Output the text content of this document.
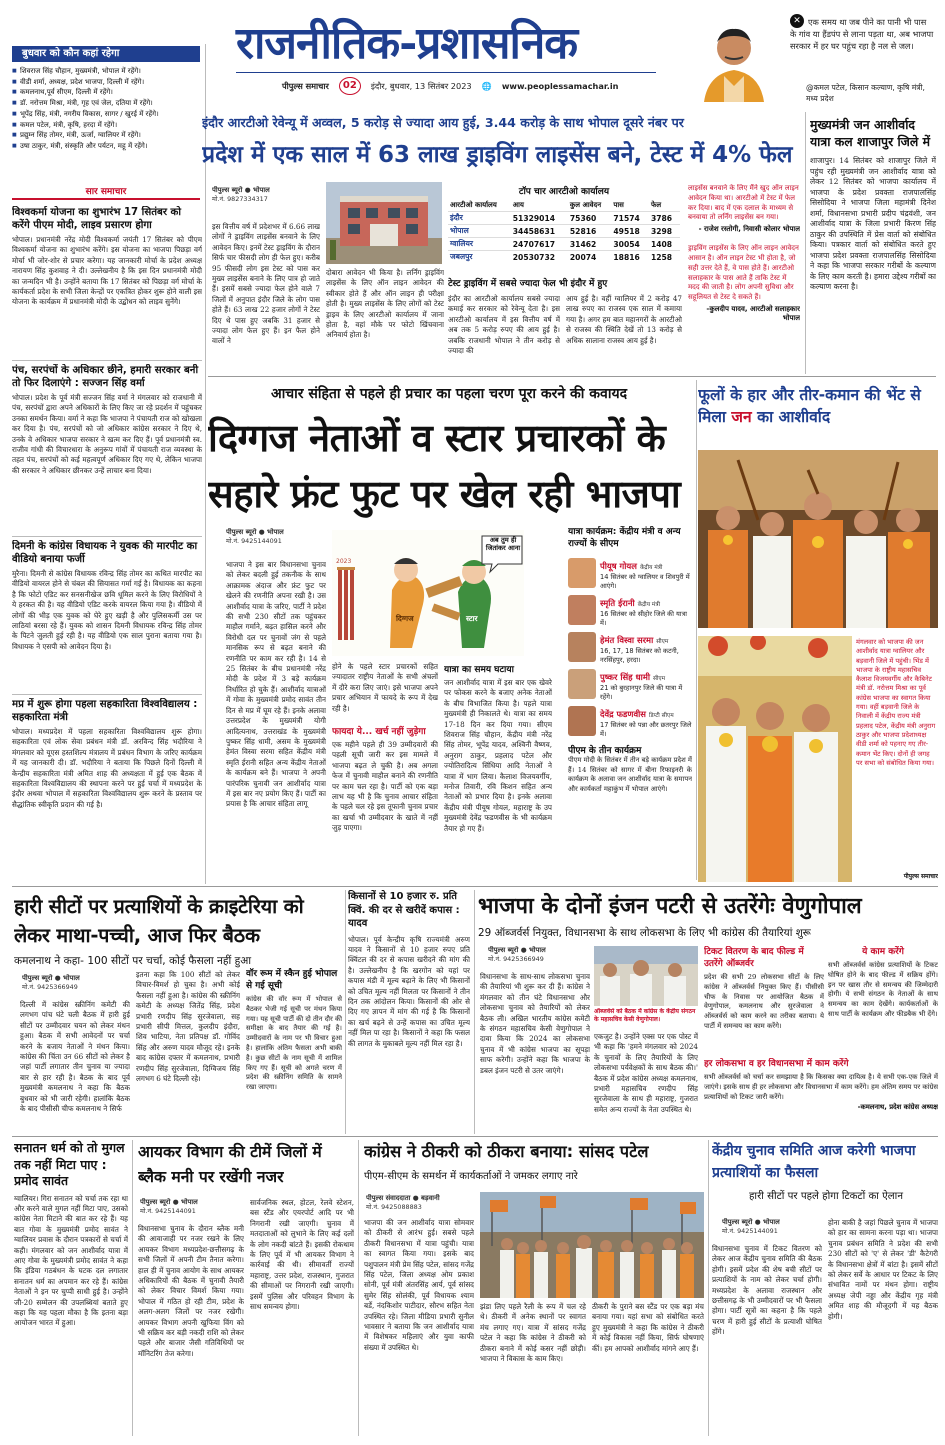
राजनीतिक-प्रशासनिक
पीपुल्स समाचार	02	इंदौर, बुधवार, 13 सितंबर 2023 🌐 www.peoplessamachar.in
✕ एक समय था जब पीने का पानी भी पास के गांव या हैंडपंप से लाना पड़ता था, अब भाजपा सरकार में हर घर पहुंच रहा है नल से जल।
@कमल पटेल, किसान कल्याण, कृषि मंत्री, मध्य प्रदेश
बुधवार को कौन कहां रहेगा
■ शिवराज सिंह चौहान, मुख्यमंत्री, भोपाल में रहेंगे।
■ वीडी शर्मा, अध्यक्ष, प्रदेश भाजपा, दिल्ली में रहेंगे।
■ कमलनाथ,पूर्व सीएम, दिल्ली में रहेंगे।
■ डॉ. नरोत्तम मिश्रा, मंत्री, गृह एवं जेल, दतिया में रहेंगे।
■ भूपेंद्र सिंह, मंत्री, नगरीय विकास, सागर / खुरई में रहेंगे।
■ कमल पटेल, मंत्री, कृषि, हरदा में रहेंगे।
■ प्रद्युम्न सिंह तोमर, मंत्री, ऊर्जा, ग्वालियर में रहेंगे।
■ उषा ठाकुर, मंत्री, संस्कृति और पर्यटन, महू में रहेंगे।
सार समाचार
विश्वकर्मा योजना का शुभारंभ 17 सितंबर को करेंगे पीएम मोदी, लाइव प्रसारण होगा
भोपाल। प्रधानमंत्री नरेंद्र मोदी विश्वकर्मा जयंती 17 सितंबर को पीएम विश्वकर्मा योजना का शुभारंभ करेंगे। इस योजना का भाजपा पिछड़ा वर्ग मोर्चा भी जोर-शोर से प्रचार करेगा। यह जानकारी मोर्चा के प्रदेश अध्यक्ष नारायण सिंह कुशवाह ने दी। उल्लेखनीय है कि इस दिन प्रधानमंत्री मोदी का जन्मदिन भी है। उन्होंने बताया कि 17 सितंबर को पिछड़ा वर्ग मोर्चा के कार्यकर्ता प्रदेश के सभी जिला केन्द्रों पर एकत्रित होकर शुरू होने वाली इस योजना के कार्यक्रम में प्रधानमंत्री मोदी के उद्बोधन को लाइव सुनेंगे।
पंच, सरपंचों के अधिकार छीने, हमारी सरकार बनी तो फिर दिलाएंगे : सज्जन सिंह वर्मा
भोपाल। प्रदेश के पूर्व मंत्री सज्जन सिंह वर्मा ने मंगलवार को राजधानी में पंच, सरपंचों द्वारा अपने अधिकारों के लिए किए जा रहे प्रदर्शन में पहुंचकर उनका समर्थन किया। वर्मा ने कहा कि भाजपा ने पंचायती राज को खोखला कर दिया है। पंच, सरपंचों को जो अधिकार कांग्रेस सरकार ने दिए थे, उनके वे अधिकार भाजपा सरकार ने खत्म कर दिए हैं। पूर्व प्रधानमंत्री स्व. राजीव गांधी की विचारधारा के अनुरूप गांवों में पंचायती राज व्यवस्था के तहत पंच, सरपंचों को कई महत्वपूर्ण अधिकार दिए गए थे, लेकिन भाजपा की सरकार ने अधिकार छीनकर उन्हें लाचार बना दिया।
दिमनी के कांग्रेस विधायक ने युवक की मारपीट का वीडियो बनाया फर्जी
मुरैना। दिमनी से कांग्रेस विधायक रविन्द्र सिंह तोमर का कथित मारपीट का वीडियो वायरल होने से चंबल की सियासत गर्मा गई है। विधायक का कहना है कि फोटो एडिट कर सनसनीखेज छवि धूमिल करने के लिए विरोधियों ने ये हरकत की है। यह वीडियो एडिट करके वायरल किया गया है। वीडियो में लोगों की भीड़ एक युवक को घेरे हुए खड़ी है और पुलिसकर्मी उस पर लाठियां बरसा रहे हैं। युवक को शासन दिमनी विधायक रविन्द्र सिंह तोमर के पिटने जुलती हुई रही है। यह वीडियो एक साल पुराना बताया गया है। विधायक ने एसपी को आवेदन दिया है।
मप्र में शुरू होगा पहला सहकारिता विश्वविद्यालय : सहकारिता मंत्री
भोपाल। मध्यप्रदेश में पहला सहकारिता विश्वविद्यालय शुरू होगा। सहकारिता एवं लोक सेवा प्रबंधन मंत्री डॉ. अरविन्द सिंह भदौरिया ने मंगलवार को यूएस हस्तशिल्प मंत्रालय में प्रबंधन विभाग के जरिए कार्यक्रम में यह जानकारी दी। डॉ. भदौरिया ने बताया कि पिछले दिनों दिल्ली में केन्द्रीय सहकारिता मंत्री अमित शाह की अध्यक्षता में हुई एक बैठक में सहकारिता विश्वविद्यालय की स्थापना करने पर हुई चर्चा में मध्यप्रदेश के इंदौर अथवा भोपाल में सहकारिता विश्वविद्यालय शुरू करने के प्रस्ताव पर सैद्धांतिक स्वीकृति प्रदान की गई है।
इंदौर आरटीओ रेवेन्यू में अव्वल, 5 करोड़ से ज्यादा आय हुई, 3.44 करोड़ के साथ भोपाल दूसरे नंबर पर
प्रदेश में एक साल में 63 लाख ड्राइविंग लाइसेंस बने, टेस्ट में 4% फेल
पीपुल्स ब्यूरो ● भोपाल
मो.नं. 9827334317
इस वित्तीय वर्ष में प्रदेशभर में 6.66 लाख लोगों ने ड्राइविंग लाइसेंस बनवाने के लिए आवेदन किए। इनमें टेस्ट ड्राइविंग के दौरान सिर्फ चार फीसदी लोग ही फेल हुए। करीब 95 फीसदी लोग इस टेस्ट को पास कर मुख्य लाइसेंस बनाने के लिए पात्र हो जाते हैं। इसमें सबसे ज्यादा फेल होने वाले 7 जिलों में अनुपात इंदौर जिले के लोग पास होते हैं। 63 लाख 22 हजार लोगों ने टेस्ट दिए थे पास हुए जबकि 31 हजार से ज्यादा लोग फेल हुए हैं। इन फैल होने वालों ने
दोबारा आवेदन भी किया है। लर्निंग ड्राइविंग लाइसेंस के लिए ऑन लाइन आवेदन की स्वीकार होते हैं और ऑन लाइन ही परीक्षा होती है। मुख्य लाइसेंस के लिए लोगों को टेस्ट ड्राइव के लिए आरटीओ कार्यालय में जाना होता है, वहां मौके पर फोटो खिंचवाना अनिवार्य होता है।
टॉप चार आरटीओ कार्यालय
आरटीओ कार्यालय	आय	कुल आवेदन	पास	फेल
इंदौर	51329014	75360	71574	3786
भोपाल	34458631	52816	49518	3298
ग्वालियर	24707617	31462	30054	1408
जबलपुर	20530732	20074	18816	1258
टेस्ट ड्राइविंग में सबसे ज्यादा फेल भी इंदौर में हुए
इंदौर का आरटीओ कार्यालय सबसे ज्यादा कमाई कर सरकार को रेवेन्यू देता है। इस आरटीओ कार्यालय में इस वित्तीय वर्ष में अब तक 5 करोड़ रुपए की आय हुई है। जबकि राजधानी भोपाल ने तीन करोड़ से ज्यादा की
आय हुई है। वहीं ग्वालियर में 2 करोड़ 47 लाख रुपए का राजस्व एक साल में कमाया गया है। अगर हम बात महानगरों के आरटीओ से राजस्व की स्थिति देखें तो 13 करोड़ से अधिक सालाना राजस्व आय हुई है।
लाइसेंस बनवाने के लिए मैंने खुद ऑन लाइन आवेदन किया था। आरटीओ में टेस्ट में फेल कर दिया। बाद में एक दलाल के माध्यम से बनवाया तो लर्निंग लाइसेंस बन गया।
- राजेश रस्तोगी, निवासी कोलार भोपाल
ड्राइविंग लाइसेंस के लिए ऑन लाइन आवेदन आसान है। ऑन लाइन टेस्ट भी होता है, जो सही उत्तर देते हैं, वे पास होते हैं। आरटीओ सलाहकार के पास आते हैं ताकि टेस्ट में मदद की जाती है। लोग अपनी सुविधा और सहूलियत से टेस्ट दे सकते हैं।
-कुलदीप यादव, आरटीओ सलाहकार भोपाल
मुख्यमंत्री जन आशीर्वाद यात्रा कल शाजापुर जिले में
शाजापुर। 14 सितंबर को शाजापुर जिले में पहुंच रही मुख्यमंत्री जन आशीर्वाद यात्रा को लेकर 12 सितंबर को भाजपा कार्यालय में भाजपा के प्रदेश प्रवक्ता राजपालसिंह सिसोदिया ने भाजपा जिला महामंत्री दिनेश शर्मा, विधानसभा प्रभारी प्रदीप चंद्रवंशी, जन आशीर्वाद यात्रा के जिला प्रभारी किरण सिंह ठाकुर की उपस्थिति में प्रेस वार्ता को संबोधित किया। पत्रकार वार्ता को संबोधित करते हुए भाजपा प्रदेश प्रवक्ता राजपालसिंह सिसोदिया ने कहा कि भाजपा सरकार गरीबों के कल्याण के लिए काम करती है। हमारा उद्देश्य गरीबों का कल्याण करना है।
आचार संहिता से पहले ही प्रचार का पहला चरण पूरा करने की कवायद
दिग्गज नेताओं व स्टार प्रचारकों के सहारे फ्रंट फुट पर खेल रही भाजपा
पीपुल्स ब्यूरो ● भोपाल
मो.नं. 9425144091
भाजपा ने इस बार विधानसभा चुनाव को लेकर बदली हुई तकनीक के साथ आक्रामक अंदाज और फ्रंट फुट पर खेलने की रणनीति अपना रखी है। उस आशीर्वाद यात्रा के जरिए, पार्टी ने प्रदेश की सभी 230 सीटों तक पहुंचकर माहौल गर्माने, बढ़त हासिल करने और विरोधी दल पर चुनावों जंग से पहले मानसिक रूप से बढ़त बनाने की रणनीति पर काम कर रही है। 14 से 25 सितंबर के बीच प्रधानमंत्री नरेंद्र मोदी के प्रदेश में 3 बड़े कार्यक्रम निर्धारित हो चुके हैं। आशीर्वाद यात्राओं में गोवा के मुख्यमंत्री प्रमोद सावंत तीन दिन से मप्र में घूम रहे हैं। इनके अलावा उत्तरप्रदेश के मुख्यमंत्री योगी आदित्यनाथ, उत्तराखंड के मुख्यमंत्री पुष्कर सिंह धामी, असम के मुख्यमंत्री हेमंत विस्वा सरमा सहित केंद्रीय मंत्री स्मृति ईरानी सहित अन्य केंद्रीय नेताओं के कार्यक्रम बने हैं। भाजपा ने अपनी पारंपरिक चुनावी जन आशीर्वाद यात्रा में इस बार नए प्रयोग किए हैं। पार्टी का प्रयास है कि आचार संहिता लागू
अब तुम ही जितांकर आना
दिग्गज	स्टार
2023
होने के पहले स्टार प्रचारकों सहित ज्यादातर राष्ट्रीय नेताओं के सभी अंचलों में दौरे करा लिए जाएं। इसे भाजपा अपने प्रचार अभियान में फायदे के रूप में देख रही है।
फायदा ये... खर्च नहीं जुड़ेगा
एक महीने पहले ही 39 उम्मीदवारों की पहली सूची जारी कर इस मामले में भाजपा बढ़त ले चुकी है। अब अगला फेज में चुनावी माहौल बनाने की रणनीति पर काम चल रहा है। पार्टी को एक बड़ा लाभ यह भी है कि चुनाव आचार संहिता के पहले चल रहे इस तूफानी चुनाव प्रचार का खर्चा भी उम्मीदवार के खाते में नहीं जुड़ पाएगा।
यात्रा का समय घटाया
जन आशीर्वाद यात्रा में इस बार एक खेवरे पर फोकस करने के बजाए अनेक नेताओं के बीच विभाजित किया है। पहले यात्रा मुख्यमंत्री ही निकालते थे। यात्रा का समय 17-18 दिन कर दिया गया। सीएम शिवराज सिंह चौहान, केंद्रीय मंत्री नरेंद्र सिंह तोमर, भूपेंद्र यादव, अश्विनी वैष्णव, अनुराग ठाकुर, प्रहलाद पटेल और ज्योतिरादित्य सिंधिया आदि नेताओं ने यात्रा में भाग लिया। कैलाश विजयवर्गीय, मनोज तिवारी, रवि किशन सहित अन्य नेताओं को प्रभार दिया है। इनके अलावा केंद्रीय मंत्री पीयूष गोयल, महाराष्ट्र के उप मुख्यमंत्री देवेंद्र फडणवीस के भी कार्यक्रम तैयार हो गए हैं।
यात्रा कार्यक्रम: केंद्रीय मंत्री व अन्य राज्यों के सीएम
पीयूष गोयल केंद्रीय मंत्री
14 सितंबर को ग्वालियर व शिवपुरी में आएंगे।
स्मृति ईरानी केंद्रीय मंत्री
16 सितंबर को सीहोर जिले की यात्रा में।
हेमंत विस्वा सरमा सीएम
16, 17, 18 सितंबर को कटनी, नरसिंहपुर, हरदा।
पुष्कर सिंह धामी सीएम
21 को बुरहानपुर जिले की यात्रा में रहेंगे।
देवेंद्र फडणवीस डिप्टी सीएम
17 सितंबर को पन्ना और छतरपुर जिले में।
पीएम के तीन कार्यक्रम
पीएम मोदी के सितंबर में तीन बड़े कार्यक्रम प्रदेश में हैं। 14 सितंबर को सागर में बीना रिफाइनरी के कार्यक्रम के अलावा जन आशीर्वाद यात्रा के समापन और कार्यकर्ता महाकुंभ में भोपाल आएंगे।
फूलों के हार और तीर-कमान की भेंट से मिला जन का आशीर्वाद
मंगलवार को भाजपा की जन आशीर्वाद यात्रा ग्वालियर और बड़वानी जिले में पहुंची। भिंड में भाजपा के राष्ट्रीय महासचिव कैलाश विजयवर्गीय और कैबिनेट मंत्री डॉ. नरोत्तम मिश्रा का पूर्व कांग्रेस भाजपा का स्वागत किया गया। वहीं बड़वानी जिले के निवाली में केंद्रीय राज्य मंत्री प्रहलाद पटेल, केंद्रीय मंत्री अनुराग ठाकुर और भाजपा प्रदेशाध्यक्ष वीडी शर्मा को पहनाए गए तीर-कमान भेंट किए। दोनों ही जगह पर सभा को संबोधित किया गया।
पीपुल्स समाचार
हारी सीटों पर प्रत्याशियों के क्राइटेरिया को लेकर माथा-पच्ची, आज फिर बैठक
कमलनाथ ने कहा- 100 सीटों पर चर्चा, कोई फैसला नहीं हुआ
पीपुल्स ब्यूरो ● भोपाल
मो.नं. 9425366949
दिल्ली में कांग्रेस स्क्रीनिंग कमेटी की लगभग पांच घंटे चली बैठक में हारी हुई सीटों पर उम्मीदवार चयन को लेकर मंथन हुआ। बैठक में सभी आवेदनों पर चर्चा करने के बजाय नेताओं ने मंथन किया। कांग्रेस की चिंता उन 66 सीटों को लेकर है जहां पार्टी लगातार तीन चुनाव या ज्यादा बार से हार रही है। बैठक के बाद पूर्व मुख्यमंत्री कमलनाथ ने कहा कि बैठक बुधवार को भी जारी रहेगी। हालांकि बैठक के बाद पीसीसी चीफ कमलनाथ ने सिर्फ
इतना कहा कि 100 सीटों को लेकर विचार-विमर्श हो चुका है। अभी कोई फैसला नहीं हुआ है। कांग्रेस की स्क्रीनिंग कमेटी के अध्यक्ष जितेंद्र सिंह, प्रदेश प्रभारी रणदीप सिंह सुरजेवाला, सह प्रभारी सीपी मित्तल, कुलदीप इंदौरा, शिव भाटिया, नेता प्रतिपक्ष डॉ. गोविंद सिंह और अरुण यादव मौजूद रहे। इनके बाद कांग्रेस दफ्तर में कमलनाथ, प्रभारी रणदीप सिंह सुरजेवाला, दिग्विजय सिंह लगभग 6 घंटे दिल्ली रहे।
वॉर रूम में स्कैन हुई भोपाल से गई सूची
कांग्रेस की वॉर रूम में भोपाल से बैठकर भेजी गई सूची पर मंथन किया गया। यह सूची पार्टी की दो तीन दौर की समीक्षा के बाद तैयार की गई है। उम्मीदवारों के नाम पर भी विचार हुआ है। हालांकि अंतिम फैसला अभी बाकी है। कुछ सीटों के नाम सूची में शामिल किए गए हैं। सूची को अगले चरण में प्रदेश की स्क्रीनिंग समिति के सामने रखा जाएगा।
किसानों से 10 हजार रु. प्रति क्विं. की दर से खरीदें कपास : यादव
भोपाल। पूर्व केन्द्रीय कृषि राज्यमंत्री अरुण यादव ने किसानों से 10 हजार रुपए प्रति क्विंटल की दर से कपास खरीदने की मांग की है। उल्लेखनीय है कि खरगोन को यहां पर कपास मंडी में मूल्य बढ़ाने के लिए भी किसानों को उचित मूल्य नहीं मिलता पर किसानों ने तीन दिन तक आंदोलन किया। किसानों की ओर से दिए गए ज्ञापन में मांग की गई है कि किसानों का खर्च बढ़ने से उन्हें कपास का उचित मूल्य नहीं मिल पा रहा है। किसानों ने कहा कि फसल की लागत के मुकाबले मूल्य नहीं मिल रहा है।
भाजपा के दोनों इंजन पटरी से उतरेंगेः वेणुगोपाल
29 ऑब्जर्वर्स नियुक्त, विधानसभा के साथ लोकसभा के लिए भी कांग्रेस की तैयारियां शुरू
पीपुल्स ब्यूरो ● भोपाल
मो.नं. 9425366949
विधानसभा के साथ-साथ लोकसभा चुनाव की तैयारियां भी शुरू कर दी हैं। कांग्रेस ने मंगलवार को तीन घंटे विधानसभा और लोकसभा चुनाव को तैयारियों को लेकर बैठक ली। अखिल भारतीय कांग्रेस कमेटी के संगठन महासचिव केसी वेणुगोपाल ने दावा किया कि 2024 का लोकसभा चुनाव में भी कांग्रेस भाजपा का सूपड़ा साफ करेगी। उन्होंने कहा कि भाजपा के डबल इंजन पटरी से उतर जाएंगे।
ऑब्जर्वर्स को बैठक में कांग्रेस के केंद्रीय संगठन के महासचिव केसी वेणुगोपाल।
एकजुट है। उन्होंने एक्स पर एक पोस्ट में भी कहा कि 'हमने मंगलवार को 2024 के चुनावों के लिए तैयारियों के लिए लोकसभा पर्यवेक्षकों के साथ बैठक की।' बैठक में प्रदेश कांग्रेस अध्यक्ष कमलनाथ, प्रभारी महासचिव रणदीप सिंह सुरजेवाला के साथ ही महाराष्ट्र, गुजरात समेत अन्य राज्यों के नेता उपस्थित थे।
टिकट वितरण के बाद फील्ड में उतरेंगे ऑब्जर्वर
प्रदेश की सभी 29 लोकसभा सीटों के लिए कांग्रेस ने ऑब्जर्वर्स नियुक्त किए हैं। पीसीसी चीफ के निवास पर आयोजित बैठक में वेणुगोपाल, कमलनाथ और सुरजेवाला ने ऑब्जर्वर्स को काम करने का तरीका बताया। ये पार्टी में समन्वय का काम करेंगे।
ये काम करेंगे
सभी ऑब्जर्वर्स कांग्रेस प्रत्याशियों के टिकट घोषित होने के बाद फील्ड में सक्रिय होंगे। इन पर खास तौर से समन्वय की जिम्मेदारी होगी। ये सभी संगठन के नेताओं के साथ समन्वय का काम देखेंगे। कार्यकर्ताओं के साथ पार्टी के कार्यक्रम और फीडबैक भी देंगे।
हर लोकसभा व हर विधानसभा में काम करेंगे
सभी ऑब्जर्वर्स को चर्चा कर समझाया है कि किसका क्या दायित्व है। ये सभी एक-एक जिले में जाएंगे। इसके साथ ही हर लोकसभा और विधानसभा में काम करेंगे। हम अंतिम समय पर कांग्रेस प्रत्याशियों को टिकट जारी करेंगे।
-कमलनाथ, प्रदेश कांग्रेस अध्यक्ष
सनातन धर्म को तो मुगल तक नहीं मिटा पाए : प्रमोद सावंत
ग्वालियर। गिरा सनातन को चर्चा तक रहा था और करने वाले मुगल नहीं मिटा पाए, उसको कांग्रेस नेता मिटाने की बात कर रहे हैं। यह बात गोवा के मुख्यमंत्री प्रमोद सावंत ने ग्वालियर प्रवास के दौरान पत्रकारों से चर्चा में कही। मंगलवार को जन आशीर्वाद यात्रा में आए गोवा के मुख्यमंत्री प्रमोद सावंत ने कहा कि इंडिया गठबंधन के घटक दल लगातार सनातन धर्म का अपमान कर रहे हैं। कांग्रेस नेताओं ने इन पर चुप्पी साधी हुई है। उन्होंने जी-20 सम्मेलन की उपलब्धियां बताते हुए कहा कि यह पहला मौका है कि इतना बड़ा आयोजन भारत में हुआ।
आयकर विभाग की टीमें जिलों में ब्लैक मनी पर रखेंगी नजर
पीपुल्स ब्यूरो ● भोपाल
मो.नं. 9425144091
विधानसभा चुनाव के दौरान ब्लैक मनी की आवाजाही पर नजर रखने के लिए आयकर विभाग मध्यप्रदेश-छत्तीसगढ़ के सभी जिलों में अपनी टीम तैनात करेगा। हाल ही में चुनाव आयोग के साथ आयकर अधिकारियों की बैठक में चुनावी तैयारी को लेकर विचार विमर्श किया गया। भोपाल में गठित हो रही टीम, प्रदेश के अलग-अलग जिलों पर नजर रखेगी। आयकर विभाग अपनी खुफिया विंग को भी सक्रिय कर बड़ी नकदी राशि को लेकर पहले और बाजार जैसी गतिविधियों पर मॉनिटरिंग तेज करेगा।
सार्वजनिक स्थल, होटल, रेलवे स्टेशन, बस स्टैंड और एयरपोर्ट आदि पर भी निगरानी रखी जाएगी। चुनाव में मतदाताओं को लुभाने के लिए कई दलों के लोग नकदी बांटते हैं। इसकी रोकथाम के लिए पूर्व में भी आयकर विभाग ने कार्रवाई की थी। सीमावर्ती राज्यों महाराष्ट्र, उत्तर प्रदेश, राजस्थान, गुजरात की सीमाओं पर निगरानी रखी जाएगी। इसमें पुलिस और परिवहन विभाग के साथ समन्वय होगा।
कांग्रेस ने ठीकरी को ठीकरा बनाया: सांसद पटेल
पीएम-सीएम के समर्थन में कार्यकर्ताओं ने जमकर लगाए नारे
पीपुल्स संवाददाता ● बड़वानी
मो.नं. 9425088883
भाजपा की जन आशीर्वाद यात्रा सोमवार को ठीकरी से आरंभ हुई। सबसे पहले ठीकरी विधानसभा में यात्रा पहुंची। यात्रा का स्वागत किया गया। इसके बाद पशुपालन मंत्री प्रेम सिंह पटेल, सांसद गजेंद्र सिंह पटेल, जिला अध्यक्ष ओम प्रकाश सोनी, पूर्व मंत्री अंतरसिंह आर्य, पूर्व सांसद सुमेर सिंह सोलंकी, पूर्व विधायक श्याम बर्डे, नंदकिशोर पाटीदार, सौरभ सहित नेता उपस्थित रहे। जिला मीडिया प्रभारी सुनील भावसार ने बताया कि जन आशीर्वाद यात्रा में विशेषकर महिलाएं और युवा काफी संख्या में उपस्थित थे।
झंडा लिए पहले रैली के रूप में चल रहे थे। ठीकरी में अनेक स्थानों पर स्वागत मंच लगाए गए। यात्रा में सांसद गजेंद्र पटेल ने कहा कि कांग्रेस ने ठीकरी को ठीकरा बनाने में कोई कसर नहीं छोड़ी। भाजपा ने विकास के काम किए।
ठीकरी के पुराने बस स्टैंड पर एक बड़ा मंच बनाया गया। यहां सभा को संबोधित करते हुए मुख्यमंत्री ने कहा कि कांग्रेस ने ठीकरी में कोई विकास नहीं किया, सिर्फ घोषणाएं कीं। हम आपको आशीर्वाद मांगने आए हैं।
केंद्रीय चुनाव समिति आज करेगी भाजपा प्रत्याशियों का फैसला
हारी सीटों पर पहले होगा टिकटों का ऐलान
पीपुल्स ब्यूरो ● भोपाल
मो.नं. 9425144091
विधानसभा चुनाव में टिकट वितरण को लेकर आज केंद्रीय चुनाव समिति की बैठक होगी। इसमें प्रदेश की शेष बची सीटों पर प्रत्याशियों के नाम को लेकर चर्चा होगी। मध्यप्रदेश के अलावा राजस्थान और छत्तीसगढ़ के भी उम्मीदवारों पर भी फैसला होगा। पार्टी सूत्रों का कहना है कि पहले चरण में हारी हुई सीटों के प्रत्याशी घोषित होंगे।
होना बाकी है जहां पिछले चुनाव में भाजपा को हार का सामना करना पड़ा था। भाजपा चुनाव प्रबंधन समिति ने प्रदेश की सभी 230 सीटों को 'ए' से लेकर 'डी' कैटेगरी के विधानसभा क्षेत्रों में बांटा है। इसमें सीटों को लेकर सर्वे के आधार पर टिकट के लिए संभावित नामों पर मंथन होगा। राष्ट्रीय अध्यक्ष जेपी नड्डा और केंद्रीय गृह मंत्री अमित शाह की मौजूदगी में यह बैठक होगी।
